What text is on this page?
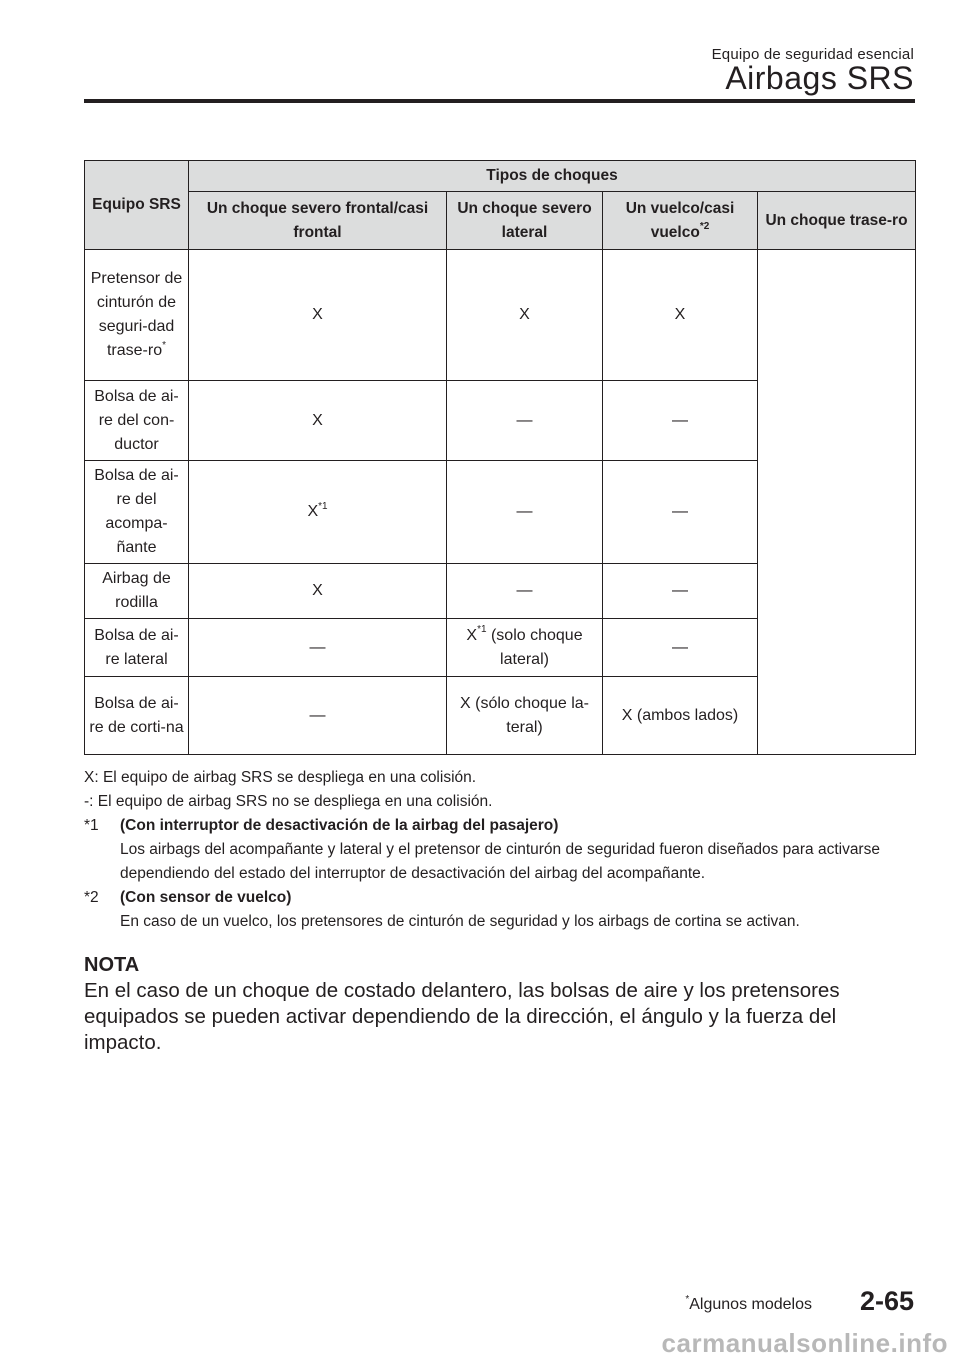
Equipo de seguridad esencial
Airbags SRS
Equipo SRS	Tipos de choques			
	Un choque severo frontal/casi frontal	Un choque severo lateral	Un vuelco/casi vuelco$^{*2}$	Un choque trase-ro
Pretensor de cinturón de seguri-dad trase-ro*	X	X	X	
Bolsa de ai-re del con-ductor	X	—	—	
Bolsa de ai-re del acompa-ñante	$X^{*1}$	—	—	
Airbag de rodilla	X	—	—	
Bolsa de ai-re lateral	—	$X^{*1}$ (solo choque lateral)	—	
Bolsa de ai-re de corti-na	—	X (sólo choque la-teral)	X (ambos lados)	
X: El equipo de airbag SRS se despliega en una colisión.
-: El equipo de airbag SRS no se despliega en una colisión.
*1 (Con interruptor de desactivación de la airbag del pasajero)
Los airbags del acompañante y lateral y el pretensor de cinturón de seguridad fueron diseñados para activarse dependiendo del estado del interruptor de desactivación del airbag del acompañante.
*2 (Con sensor de vuelco)
En caso de un vuelco, los pretensores de cinturón de seguridad y los airbags de cortina se activan.
NOTA
En el caso de un choque de costado delantero, las bolsas de aire y los pretensores equipados se pueden activar dependiendo de la dirección, el ángulo y la fuerza del impacto.
*Algunos modelos 2-65
carmanualsonline.info
